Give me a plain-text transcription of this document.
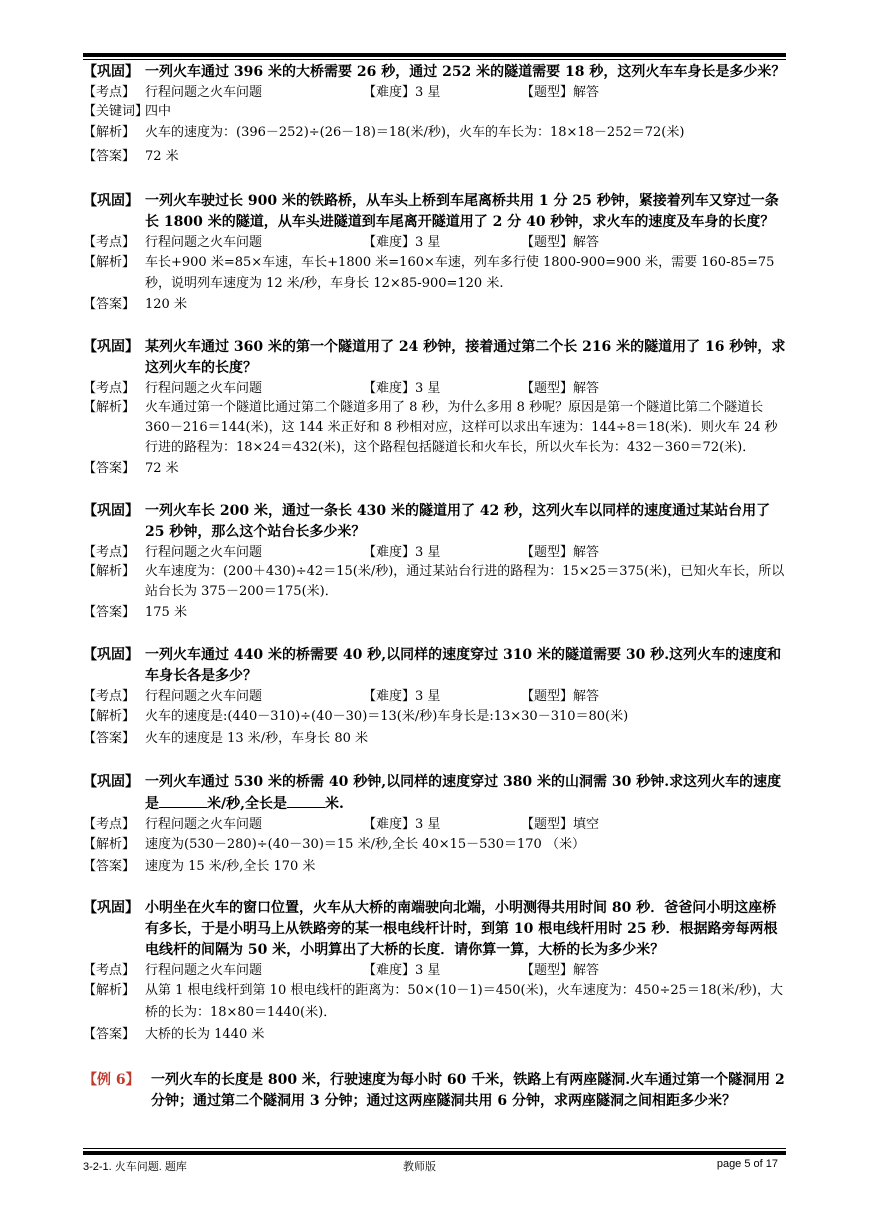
【巩固】 一列火车通过 396 米的大桥需要 26 秒，通过 252 米的隧道需要 18 秒，这列火车车身长是多少米？
【考点】 行程问题之火车问题	【难度】3 星	【题型】解答
【关键词】
四中
【解析】 火车的速度为：(396－252)÷(26－18)＝18(米/秒)，火车的车长为：18×18－252＝72(米)
【答案】 72 米
【巩固】 一列火车驶过长 900 米的铁路桥，从车头上桥到车尾离桥共用 1 分 25 秒钟，紧接着列车又穿过一条长 1800 米的隧道，从车头进隧道到车尾离开隧道用了 2 分 40 秒钟，求火车的速度及车身的长度？
【考点】 行程问题之火车问题	【难度】3 星	【题型】解答
【解析】 车长+900 米=85×车速，车长+1800 米=160×车速，列车多行使 1800-900=900 米，需要 160-85=75 秒，说明列车速度为 12 米/秒，车身长 12×85-900=120 米.
【答案】 120 米
【巩固】 某列火车通过 360 米的第一个隧道用了 24 秒钟，接着通过第二个长 216 米的隧道用了 16 秒钟，求这列火车的长度？
【考点】 行程问题之火车问题	【难度】3 星	【题型】解答
【解析】 火车通过第一个隧道比通过第二个隧道多用了 8 秒，为什么多用 8 秒呢？原因是第一个隧道比第二个隧道长 360－216＝144(米)，这 144 米正好和 8 秒相对应，这样可以求出车速为：144÷8＝18(米)．则火车 24 秒行进的路程为：18×24＝432(米)，这个路程包括隧道长和火车长，所以火车长为：432－360＝72(米)．
【答案】 72 米
【巩固】 一列火车长 200 米，通过一条长 430 米的隧道用了 42 秒，这列火车以同样的速度通过某站台用了 25 秒钟，那么这个站台长多少米？
【考点】 行程问题之火车问题	【难度】3 星	【题型】解答
【解析】 火车速度为：(200＋430)÷42＝15(米/秒)，通过某站台行进的路程为：15×25＝375(米)，已知火车长，所以站台长为 375－200＝175(米)．
【答案】 175 米
【巩固】 一列火车通过 440 米的桥需要 40 秒,以同样的速度穿过 310 米的隧道需要 30 秒.这列火车的速度和车身长各是多少？
【考点】 行程问题之火车问题	【难度】3 星	【题型】解答
【解析】 火车的速度是:(440－310)÷(40－30)＝13(米/秒)车身长是:13×30－310＝80(米)
【答案】 火车的速度是 13 米/秒，车身长 80 米
【巩固】 一列火车通过 530 米的桥需 40 秒钟,以同样的速度穿过 380 米的山洞需 30 秒钟.求这列火车的速度是	米/秒,全长是	米.
【考点】 行程问题之火车问题	【难度】3 星	【题型】填空
【解析】 速度为(530－280)÷(40－30)＝15 米/秒,全长 40×15－530＝170 （米）
【答案】 速度为 15 米/秒,全长 170 米
【巩固】 小明坐在火车的窗口位置，火车从大桥的南端驶向北端，小明测得共用时间 80 秒．爸爸问小明这座桥有多长，于是小明马上从铁路旁的某一根电线杆计时，到第 10 根电线杆用时 25 秒．根据路旁每两根电线杆的间隔为 50 米，小明算出了大桥的长度．请你算一算，大桥的长为多少米？
【考点】 行程问题之火车问题	【难度】3 星	【题型】解答
【解析】 从第 1 根电线杆到第 10 根电线杆的距离为：50×(10－1)＝450(米)，火车速度为：450÷25＝18(米/秒)，大桥的长为：18×80＝1440(米)．
【答案】 大桥的长为 1440 米
【例 6】 一列火车的长度是 800 米，行驶速度为每小时 60 千米，铁路上有两座隧洞.火车通过第一个隧洞用 2 分钟；通过第二个隧洞用 3 分钟；通过这两座隧洞共用 6 分钟，求两座隧洞之间相距多少米？
3-2-1. 火车问题. 题库	教师版	page 5 of 17
